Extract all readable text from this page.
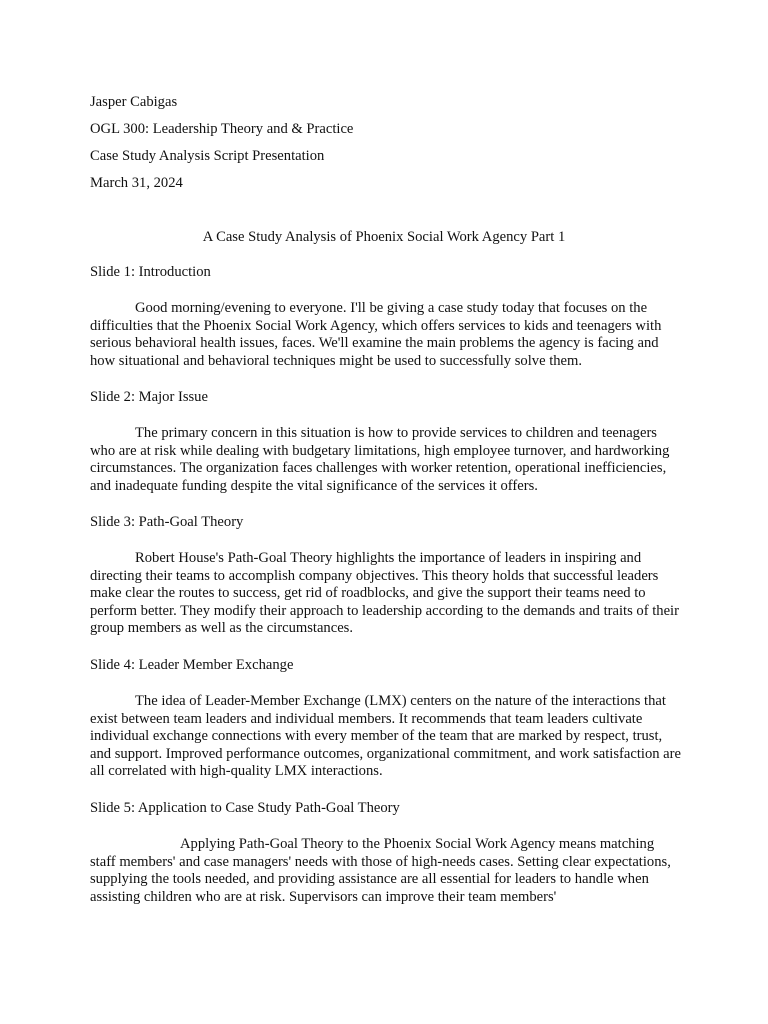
Jasper Cabigas
OGL 300: Leadership Theory and & Practice
Case Study Analysis Script Presentation
March 31, 2024
A Case Study Analysis of Phoenix Social Work Agency Part 1
Slide 1: Introduction

Good morning/evening to everyone. I'll be giving a case study today that focuses on the difficulties that the Phoenix Social Work Agency, which offers services to kids and teenagers with serious behavioral health issues, faces. We'll examine the main problems the agency is facing and how situational and behavioral techniques might be used to successfully solve them.

Slide 2: Major Issue

The primary concern in this situation is how to provide services to children and teenagers who are at risk while dealing with budgetary limitations, high employee turnover, and hardworking circumstances. The organization faces challenges with worker retention, operational inefficiencies, and inadequate funding despite the vital significance of the services it offers.

Slide 3: Path-Goal Theory

Robert House's Path-Goal Theory highlights the importance of leaders in inspiring and directing their teams to accomplish company objectives. This theory holds that successful leaders make clear the routes to success, get rid of roadblocks, and give the support their teams need to perform better. They modify their approach to leadership according to the demands and traits of their group members as well as the circumstances.

Slide 4: Leader Member Exchange

The idea of Leader-Member Exchange (LMX) centers on the nature of the interactions that exist between team leaders and individual members. It recommends that team leaders cultivate individual exchange connections with every member of the team that are marked by respect, trust, and support. Improved performance outcomes, organizational commitment, and work satisfaction are all correlated with high-quality LMX interactions.

Slide 5: Application to Case Study Path-Goal Theory

Applying Path-Goal Theory to the Phoenix Social Work Agency means matching staff members' and case managers' needs with those of high-needs cases. Setting clear expectations, supplying the tools needed, and providing assistance are all essential for leaders to handle when assisting children who are at risk. Supervisors can improve their team members'
